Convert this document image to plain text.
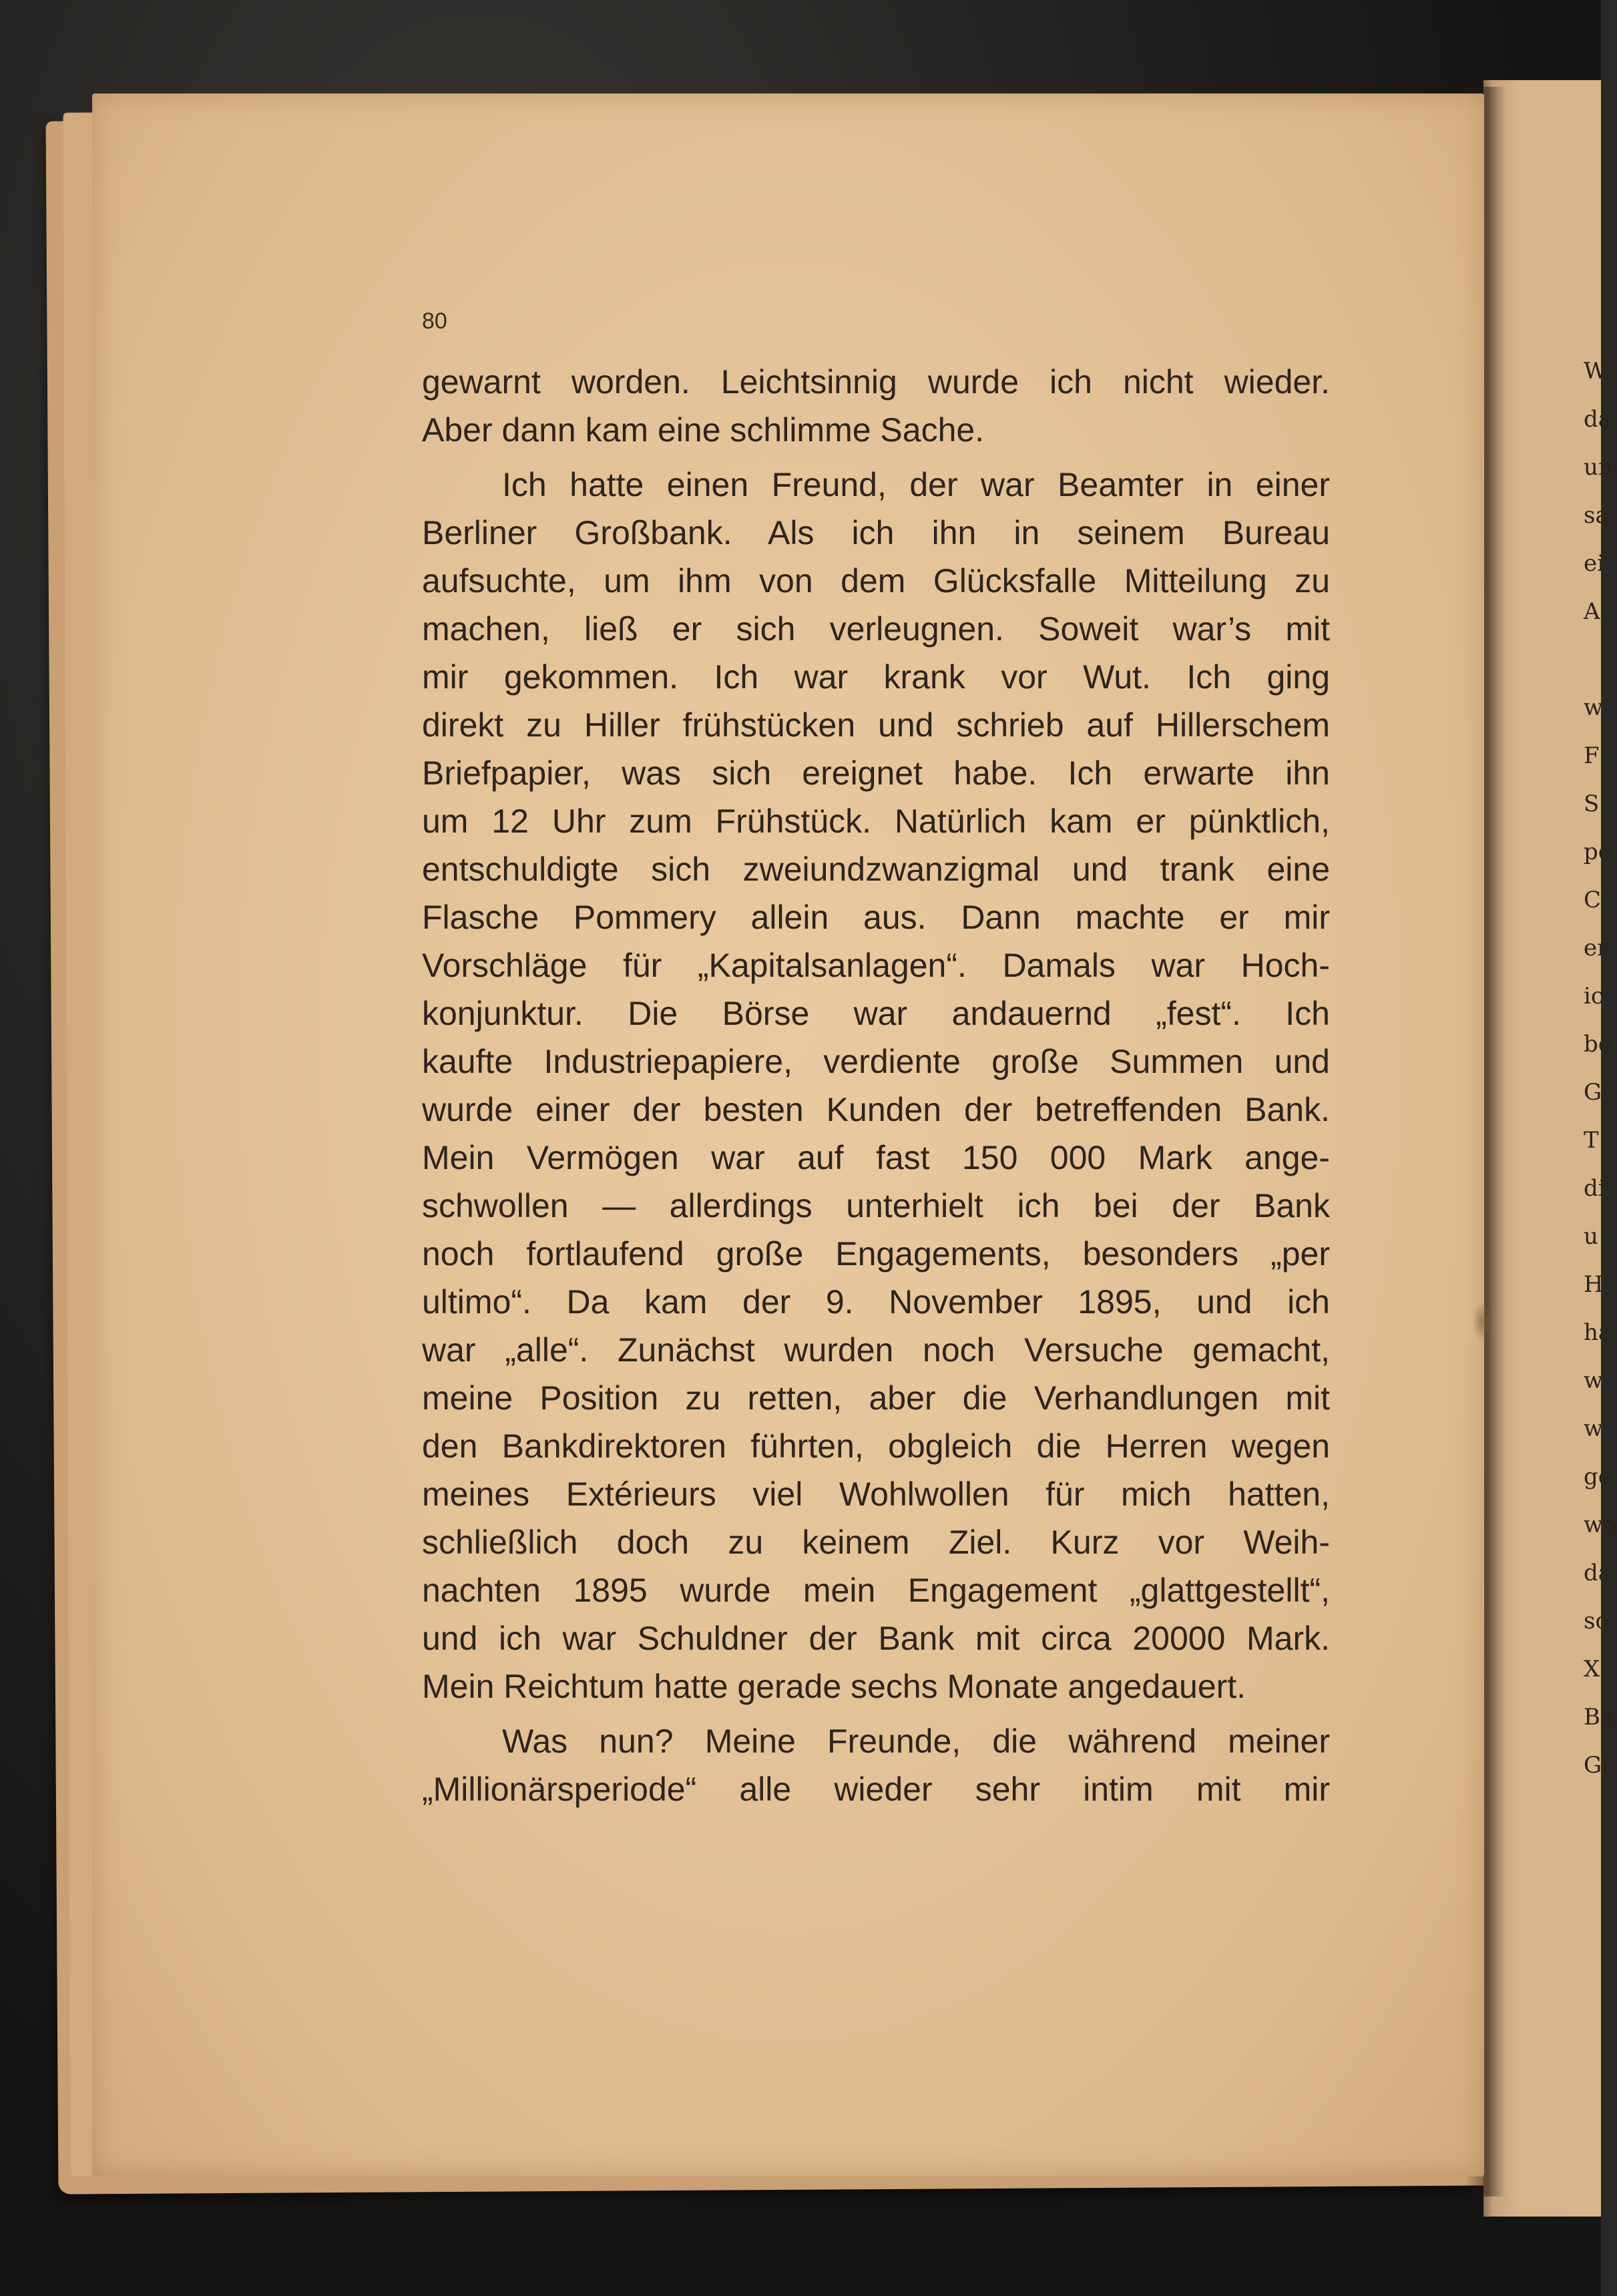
W
da
un
sa
ei
A
w
F
S
pe
C
er
ic
be
G
T
di
u
H
ha
w
w
ge
wo
da
so
X.
Ba
Gr
80
gewarnt worden. Leichtsinnig wurde ich nicht wieder.
Aber dann kam eine schlimme Sache.
Ich hatte einen Freund, der war Beamter in einer
Berliner Großbank. Als ich ihn in seinem Bureau
aufsuchte, um ihm von dem Glücksfalle Mitteilung zu
machen, ließ er sich verleugnen. Soweit war’s mit
mir gekommen. Ich war krank vor Wut. Ich ging
direkt zu Hiller frühstücken und schrieb auf Hillerschem
Briefpapier, was sich ereignet habe. Ich erwarte ihn
um 12 Uhr zum Frühstück. Natürlich kam er pünktlich,
entschuldigte sich zweiundzwanzigmal und trank eine
Flasche Pommery allein aus. Dann machte er mir
Vorschläge für „Kapitalsanlagen“. Damals war Hoch-
konjunktur. Die Börse war andauernd „fest“. Ich
kaufte Industriepapiere, verdiente große Summen und
wurde einer der besten Kunden der betreffenden Bank.
Mein Vermögen war auf fast 150 000 Mark ange-
schwollen — allerdings unterhielt ich bei der Bank
noch fortlaufend große Engagements, besonders „per
ultimo“. Da kam der 9. November 1895, und ich
war „alle“. Zunächst wurden noch Versuche gemacht,
meine Position zu retten, aber die Verhandlungen mit
den Bankdirektoren führten, obgleich die Herren wegen
meines Extérieurs viel Wohlwollen für mich hatten,
schließlich doch zu keinem Ziel. Kurz vor Weih-
nachten 1895 wurde mein Engagement „glattgestellt“,
und ich war Schuldner der Bank mit circa 20000 Mark.
Mein Reichtum hatte gerade sechs Monate angedauert.
Was nun? Meine Freunde, die während meiner
„Millionärsperiode“ alle wieder sehr intim mit mir
